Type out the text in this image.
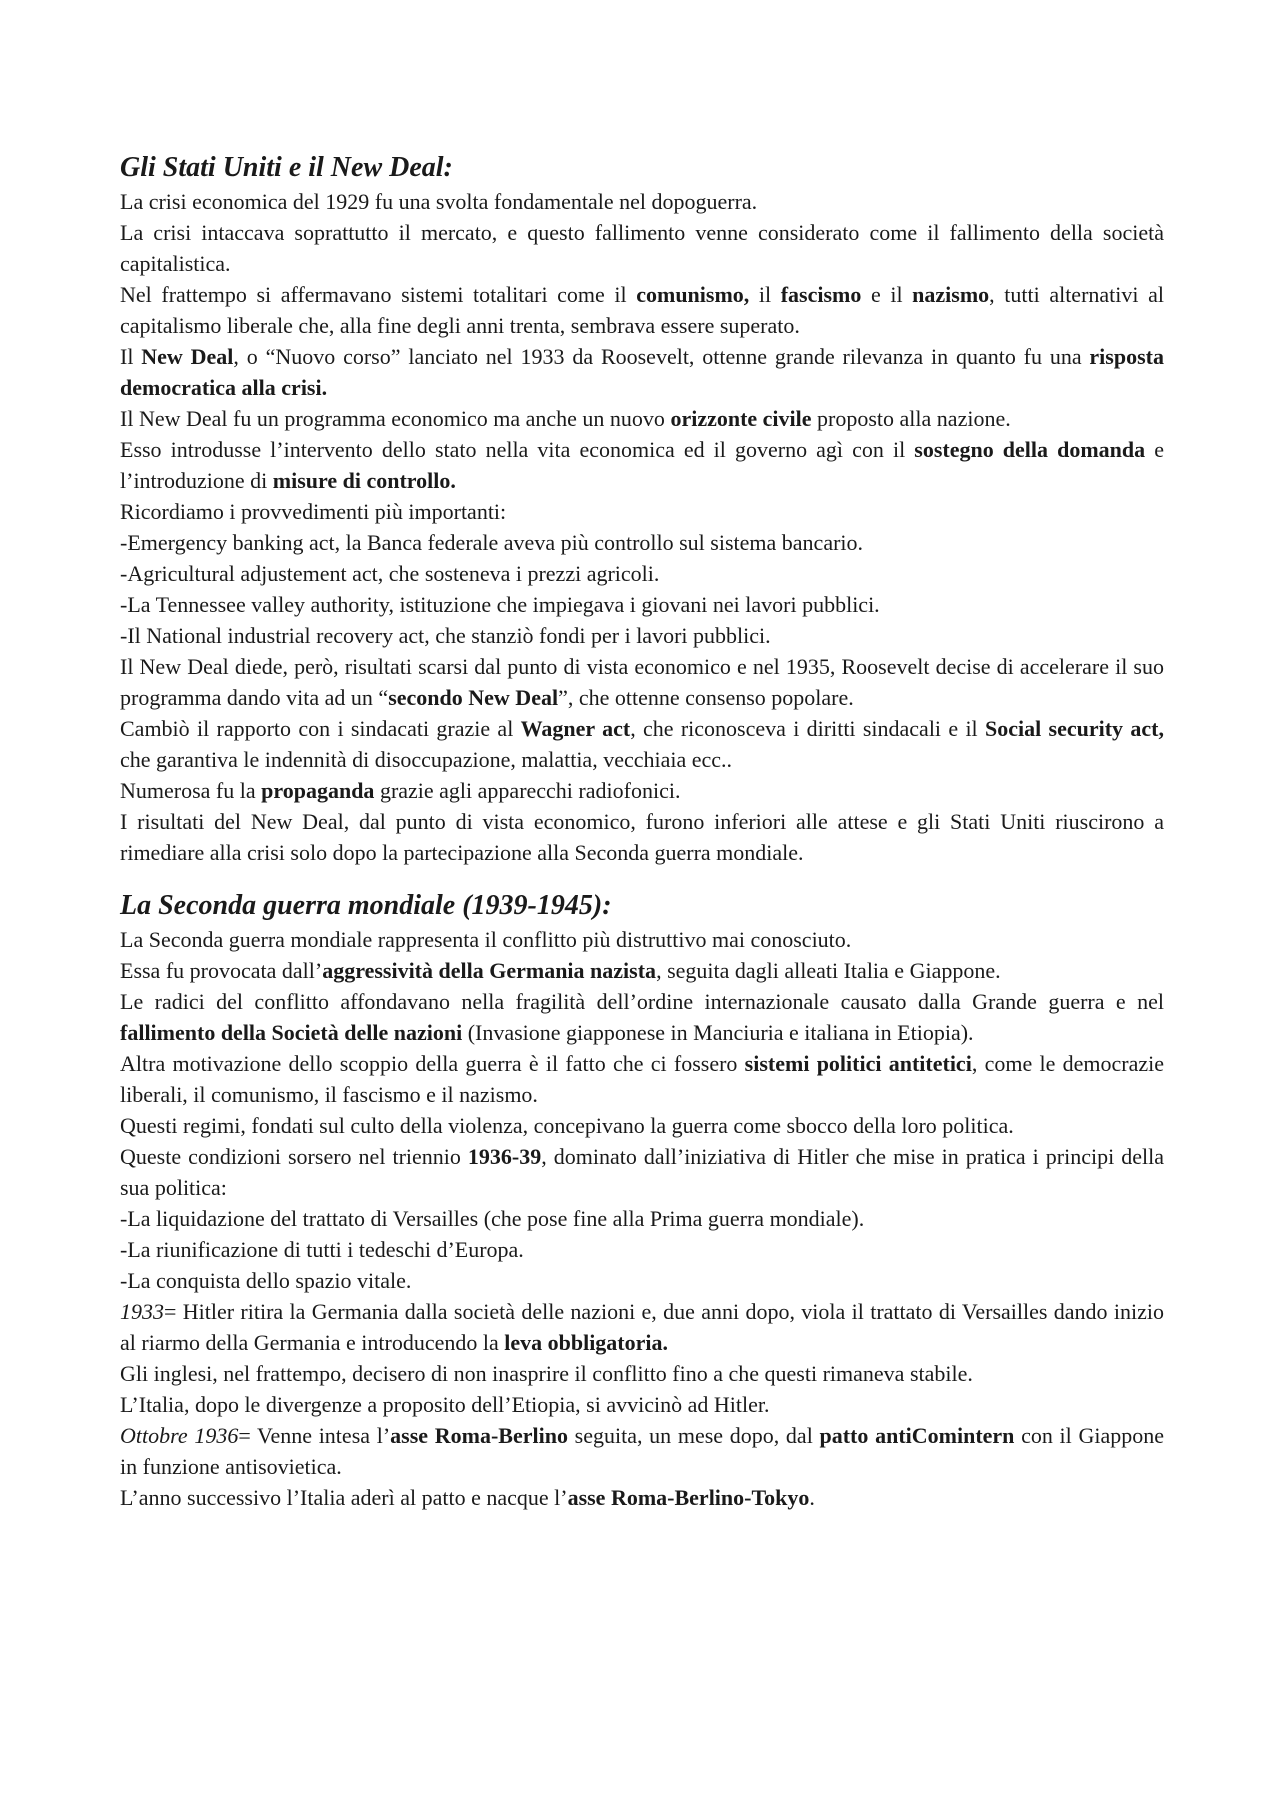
Gli Stati Uniti e il New Deal:

La crisi economica del 1929 fu una svolta fondamentale nel dopoguerra.

La crisi intaccava soprattutto il mercato, e questo fallimento venne considerato come il fallimento della società capitalistica.

Nel frattempo si affermavano sistemi totalitari come il comunismo, il fascismo e il nazismo, tutti alternativi al capitalismo liberale che, alla fine degli anni trenta, sembrava essere superato.

Il New Deal, o “Nuovo corso” lanciato nel 1933 da Roosevelt, ottenne grande rilevanza in quanto fu una risposta democratica alla crisi.

Il New Deal fu un programma economico ma anche un nuovo orizzonte civile proposto alla nazione.

Esso introdusse l’intervento dello stato nella vita economica ed il governo agì con il sostegno della domanda e l’introduzione di misure di controllo.

Ricordiamo i provvedimenti più importanti:

-Emergency banking act, la Banca federale aveva più controllo sul sistema bancario.

-Agricultural adjustement act, che sosteneva i prezzi agricoli.

-La Tennessee valley authority, istituzione che impiegava i giovani nei lavori pubblici.

-Il National industrial recovery act, che stanziò fondi per i lavori pubblici.

Il New Deal diede, però, risultati scarsi dal punto di vista economico e nel 1935, Roosevelt decise di accelerare il suo programma dando vita ad un “secondo New Deal”, che ottenne consenso popolare.

Cambiò il rapporto con i sindacati grazie al Wagner act, che riconosceva i diritti sindacali e il Social security act, che garantiva le indennità di disoccupazione, malattia, vecchiaia ecc..

Numerosa fu la propaganda grazie agli apparecchi radiofonici.

I risultati del New Deal, dal punto di vista economico, furono inferiori alle attese e gli Stati Uniti riuscirono a rimediare alla crisi solo dopo la partecipazione alla Seconda guerra mondiale.

La Seconda guerra mondiale (1939-1945):

La Seconda guerra mondiale rappresenta il conflitto più distruttivo mai conosciuto.

Essa fu provocata dall’aggressività della Germania nazista, seguita dagli alleati Italia e Giappone.

Le radici del conflitto affondavano nella fragilità dell’ordine internazionale causato dalla Grande guerra e nel fallimento della Società delle nazioni (Invasione giapponese in Manciuria e italiana in Etiopia).

Altra motivazione dello scoppio della guerra è il fatto che ci fossero sistemi politici antitetici, come le democrazie liberali, il comunismo, il fascismo e il nazismo.

Questi regimi, fondati sul culto della violenza, concepivano la guerra come sbocco della loro politica.

Queste condizioni sorsero nel triennio 1936-39, dominato dall’iniziativa di Hitler che mise in pratica i principi della sua politica:

-La liquidazione del trattato di Versailles (che pose fine alla Prima guerra mondiale).

-La riunificazione di tutti i tedeschi d’Europa.

-La conquista dello spazio vitale.

1933= Hitler ritira la Germania dalla società delle nazioni e, due anni dopo, viola il trattato di Versailles dando inizio al riarmo della Germania e introducendo la leva obbligatoria.

Gli inglesi, nel frattempo, decisero di non inasprire il conflitto fino a che questi rimaneva stabile.

L’Italia, dopo le divergenze a proposito dell’Etiopia, si avvicinò ad Hitler.

Ottobre 1936= Venne intesa l’asse Roma-Berlino seguita, un mese dopo, dal patto antiComintern con il Giappone in funzione antisovietica.

L’anno successivo l’Italia aderì al patto e nacque l’asse Roma-Berlino-Tokyo.
